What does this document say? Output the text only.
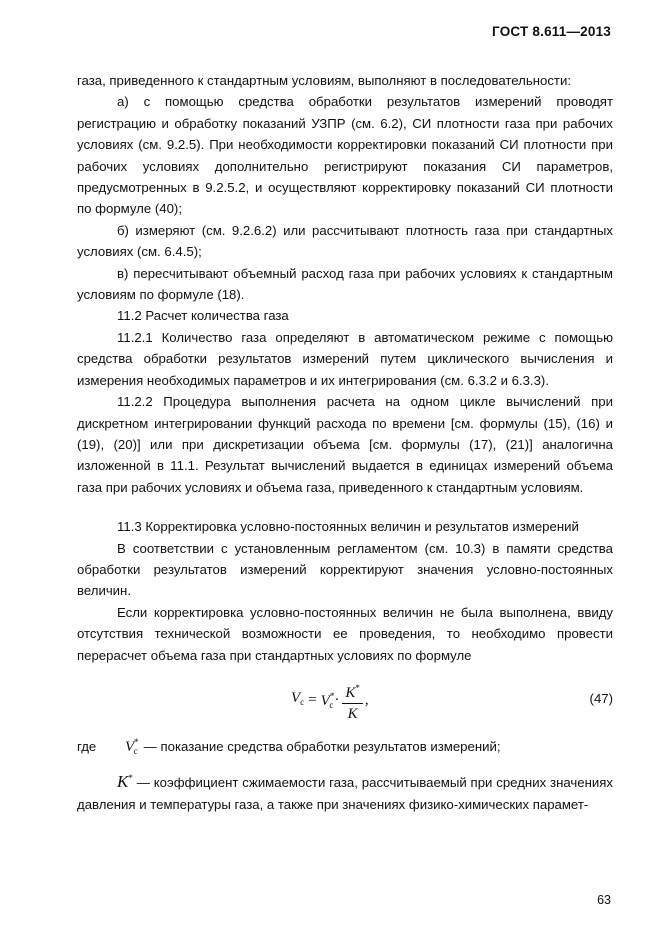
ГОСТ 8.611—2013

газа, приведенного к стандартным условиям, выполняют в последовательности:

а) с помощью средства обработки результатов измерений проводят регистрацию и обработку показаний УЗПР (см. 6.2), СИ плотности газа при рабочих условиях (см. 9.2.5). При необходимости корректировки показаний СИ плотности при рабочих условиях дополнительно регистрируют показания СИ параметров, предусмотренных в 9.2.5.2, и осуществляют корректировку показаний СИ плотности по формуле (40);

б) измеряют (см. 9.2.6.2) или рассчитывают плотность газа при стандартных условиях (см. 6.4.5);

в) пересчитывают объемный расход газа при рабочих условиях к стандартным условиям по формуле (18).

11.2 Расчет количества газа

11.2.1 Количество газа определяют в автоматическом режиме с помощью средства обработки результатов измерений путем циклического вычисления и измерения необходимых параметров и их интегрирования (см. 6.3.2 и 6.3.3).

11.2.2 Процедура выполнения расчета на одном цикле вычислений при дискретном интегрировании функций расхода по времени [см. формулы (15), (16) и (19), (20)] или при дискретизации объема [см. формулы (17), (21)] аналогична изложенной в 11.1. Результат вычислений выдается в единицах измерений объема газа при рабочих условиях и объема газа, приведенного к стандартным условиям.

11.3 Корректировка условно-постоянных величин и результатов измерений

В соответствии с установленным регламентом (см. 10.3) в памяти средства обработки результатов измерений корректируют значения условно-постоянных величин.

Если корректировка условно-постоянных величин не была выполнена, ввиду отсутствия технической возможности ее проведения, то необходимо провести перерасчет объема газа при стандартных условиях по формуле

$V_с = V^*_с \cdot \frac{K^*}{K}$ ,	(47)
где	$V^*_с$ — показание средства обработки результатов измерений;

K* — коэффициент сжимаемости газа, рассчитываемый при средних значениях давления и температуры газа, а также при значениях физико-химических парамет-

63
